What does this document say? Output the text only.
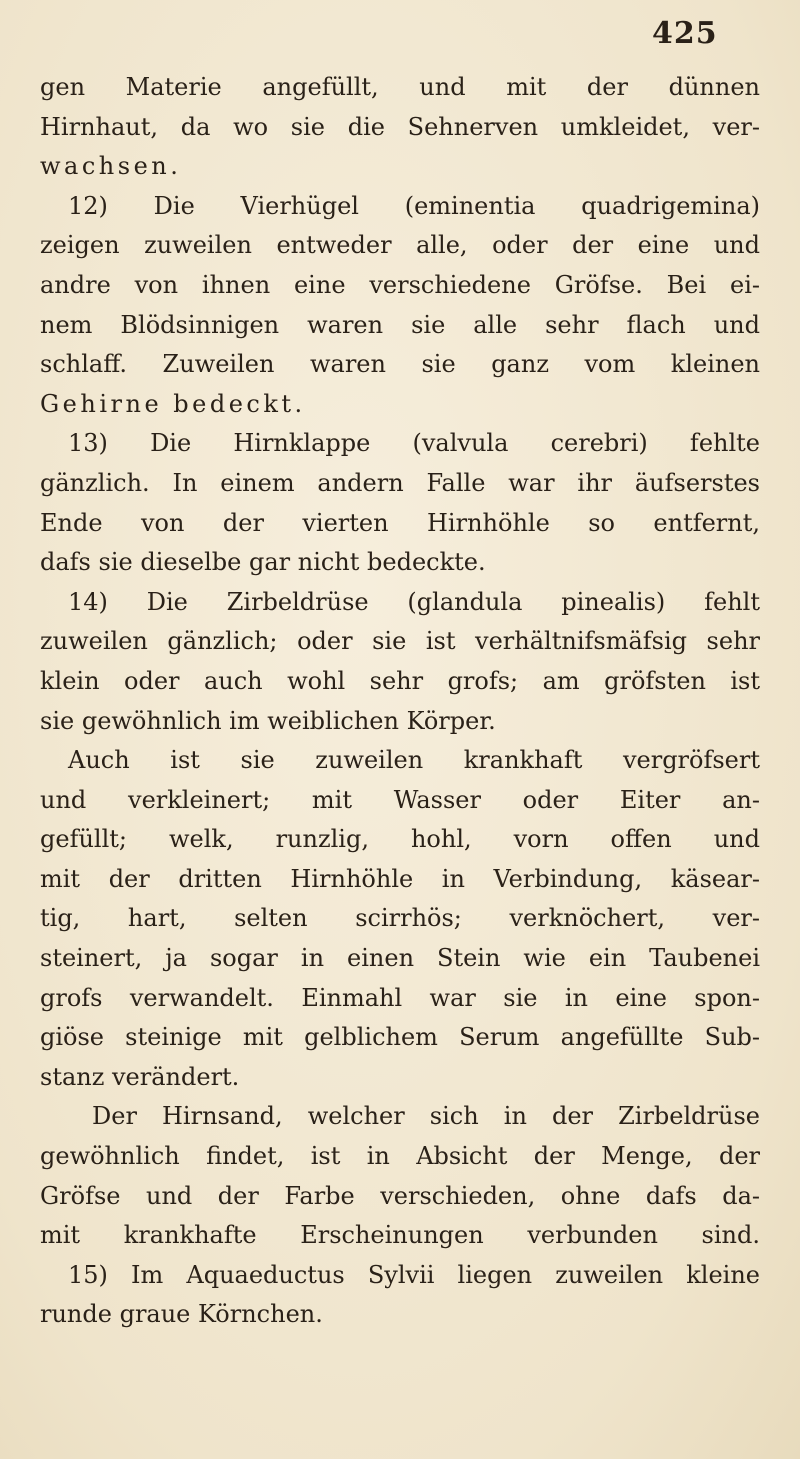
425
gen Materie angefüllt, und mit der dünnen
Hirnhaut, da wo sie die Sehnerven umkleidet, ver-
wachsen.
12) Die Vierhügel (eminentia quadrigemina)
zeigen zuweilen entweder alle, oder der eine und
andre von ihnen eine verschiedene Gröfse. Bei ei-
nem Blödsinnigen waren sie alle sehr flach und
schlaff. Zuweilen waren sie ganz vom kleinen
Gehirne bedeckt.
13) Die Hirnklappe (valvula cerebri) fehlte
gänzlich. In einem andern Falle war ihr äufserstes
Ende von der vierten Hirnhöhle so entfernt,
dafs sie dieselbe gar nicht bedeckte.
14) Die Zirbeldrüse (glandula pinealis) fehlt
zuweilen gänzlich; oder sie ist verhältnifsmäfsig sehr
klein oder auch wohl sehr grofs; am gröfsten ist
sie gewöhnlich im weiblichen Körper.
Auch ist sie zuweilen krankhaft vergröfsert
und verkleinert; mit Wasser oder Eiter an-
gefüllt; welk, runzlig, hohl, vorn offen und
mit der dritten Hirnhöhle in Verbindung, käsear-
tig, hart, selten scirrhös; verknöchert, ver-
steinert, ja sogar in einen Stein wie ein Taubenei
grofs verwandelt. Einmahl war sie in eine spon-
giöse steinige mit gelblichem Serum angefüllte Sub-
stanz verändert.
Der Hirnsand, welcher sich in der Zirbeldrüse
gewöhnlich findet, ist in Absicht der Menge, der
Gröfse und der Farbe verschieden, ohne dafs da-
mit krankhafte Erscheinungen verbunden sind.
15) Im Aquaeductus Sylvii liegen zuweilen kleine
runde graue Körnchen.
